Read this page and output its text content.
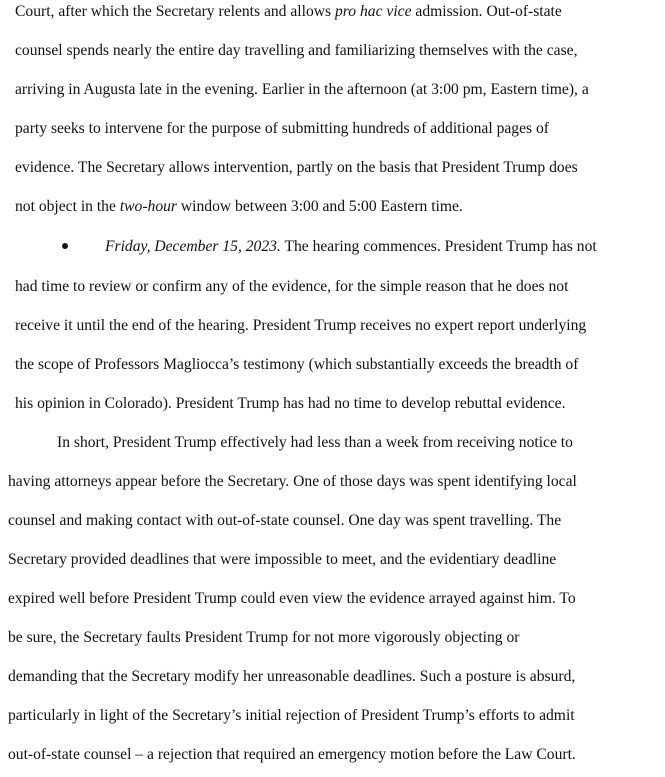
Court, after which the Secretary relents and allows pro hac vice admission. Out-of-state
counsel spends nearly the entire day travelling and familiarizing themselves with the case,
arriving in Augusta late in the evening. Earlier in the afternoon (at 3:00 pm, Eastern time), a
party seeks to intervene for the purpose of submitting hundreds of additional pages of
evidence. The Secretary allows intervention, partly on the basis that President Trump does
not object in the two-hour window between 3:00 and 5:00 Eastern time.
Friday, December 15, 2023. The hearing commences. President Trump has not
had time to review or confirm any of the evidence, for the simple reason that he does not
receive it until the end of the hearing. President Trump receives no expert report underlying
the scope of Professors Magliocca’s testimony (which substantially exceeds the breadth of
his opinion in Colorado). President Trump has had no time to develop rebuttal evidence.
In short, President Trump effectively had less than a week from receiving notice to
having attorneys appear before the Secretary. One of those days was spent identifying local
counsel and making contact with out-of-state counsel. One day was spent travelling. The
Secretary provided deadlines that were impossible to meet, and the evidentiary deadline
expired well before President Trump could even view the evidence arrayed against him. To
be sure, the Secretary faults President Trump for not more vigorously objecting or
demanding that the Secretary modify her unreasonable deadlines. Such a posture is absurd,
particularly in light of the Secretary’s initial rejection of President Trump’s efforts to admit
out-of-state counsel – a rejection that required an emergency motion before the Law Court.
